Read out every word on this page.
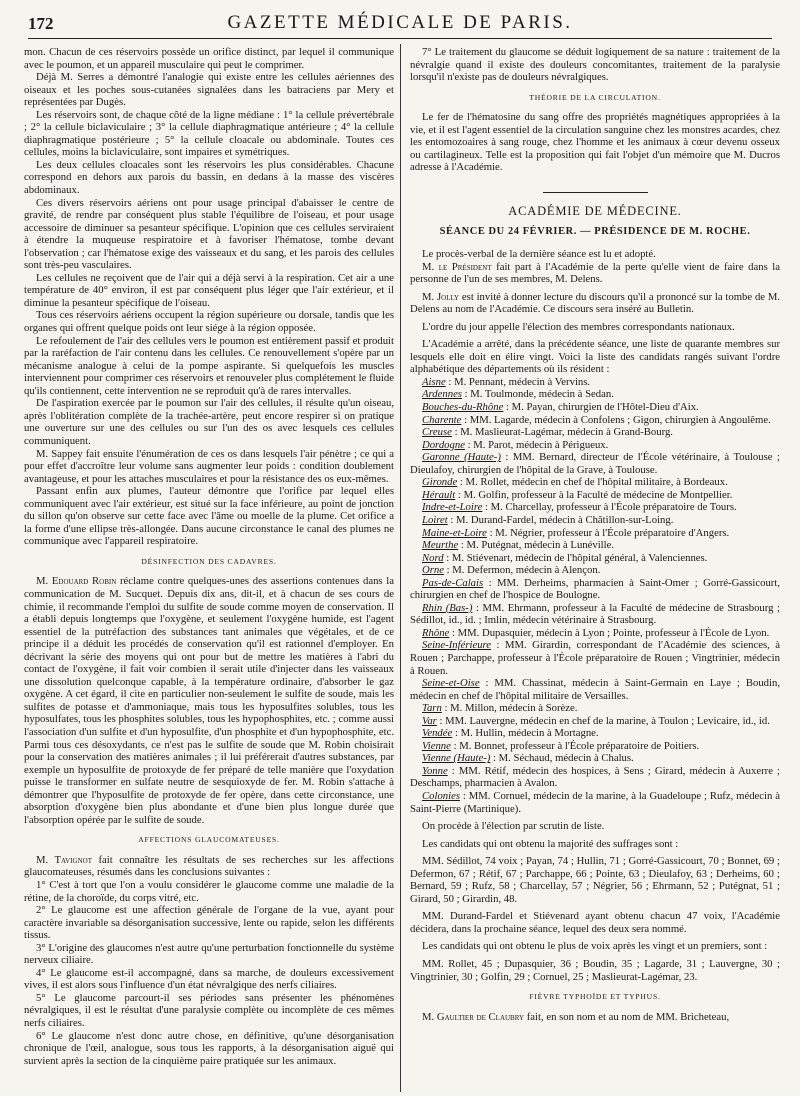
172	GAZETTE MÉDICALE DE PARIS.

mon. Chacun de ces réservoirs possède un orifice distinct, par lequel il communique avec le poumon, et un appareil musculaire qui peut le comprimer.

Déjà M. Serres a démontré l'analogie qui existe entre les cellules aériennes des oiseaux et les poches sous-cutanées signalées dans les batraciens par Mery et représentées par Dugès.

Les réservoirs sont, de chaque côté de la ligne médiane : 1° la cellule prévertébrale ; 2° la cellule biclaviculaire ; 3° la cellule diaphragmatique antérieure ; 4° la cellule diaphragmatique postérieure ; 5° la cellule cloacale ou abdominale. Toutes ces cellules, moins la biclaviculaire, sont impaires et symétriques.

Les deux cellules cloacales sont les réservoirs les plus considérables. Chacune correspond en dehors aux parois du bassin, en dedans à la masse des viscères abdominaux.

Ces divers réservoirs aériens ont pour usage principal d'abaisser le centre de gravité, de rendre par conséquent plus stable l'équilibre de l'oiseau, et pour usage accessoire de diminuer sa pesanteur spécifique. L'opinion que ces cellules serviraient à étendre la muqueuse respiratoire et à favoriser l'hématose, tombe devant l'observation ; car l'hématose exige des vaisseaux et du sang, et les parois des cellules sont très-peu vasculaires.

Les cellules ne reçoivent que de l'air qui a déjà servi à la respiration. Cet air a une température de 40° environ, il est par conséquent plus léger que l'air extérieur, et il diminue la pesanteur spécifique de l'oiseau.

Tous ces réservoirs aériens occupent la région supérieure ou dorsale, tandis que les organes qui offrent quelque poids ont leur siége à la région opposée.

Le refoulement de l'air des cellules vers le poumon est entièrement passif et produit par la raréfaction de l'air contenu dans les cellules. Ce renouvellement s'opère par un mécanisme analogue à celui de la pompe aspirante. Si quelquefois les muscles interviennent pour comprimer ces réservoirs et renouveler plus complétement le fluide qu'ils contiennent, cette intervention ne se reproduit qu'à de rares intervalles.

De l'aspiration exercée par le poumon sur l'air des cellules, il résulte qu'un oiseau, après l'oblitération complète de la trachée-artère, peut encore respirer si on pratique une ouverture sur une des cellules ou sur l'un des os avec lesquels ces cellules communiquent.

M. Sappey fait ensuite l'énumération de ces os dans lesquels l'air pénètre ; ce qui a pour effet d'accroître leur volume sans augmenter leur poids : condition doublement avantageuse, et pour les attaches musculaires et pour la résistance des os eux-mêmes.

Passant enfin aux plumes, l'auteur démontre que l'orifice par lequel elles communiquent avec l'air extérieur, est situé sur la face inférieure, au point de jonction du sillon qu'on observe sur cette face avec l'âme ou moelle de la plume. Cet orifice a la forme d'une ellipse très-allongée. Dans aucune circonstance le canal des plumes ne communique avec l'appareil respiratoire.

DÉSINFECTION DES CADAVRES.

M. Edouard Robin réclame contre quelques-unes des assertions contenues dans la communication de M. Sucquet. Depuis dix ans, dit-il, et à chacun de ses cours de chimie, il recommande l'emploi du sulfite de soude comme moyen de conservation. Il a établi depuis longtemps que l'oxygène, et seulement l'oxygène humide, est l'agent essentiel de la putréfaction des substances tant animales que végétales, et de ce principe il a déduit les procédés de conservation qu'il est rationnel d'employer. En décrivant la série des moyens qui ont pour but de mettre les matières à l'abri du contact de l'oxygène, il fait voir combien il serait utile d'injecter dans les vaisseaux une dissolution quelconque capable, à la température ordinaire, d'absorber le gaz oxygène. A cet égard, il cite en particulier non-seulement le sulfite de soude, mais les sulfites de potasse et d'ammoniaque, mais tous les hyposulfites solubles, tous les hyposulfates, tous les phosphites solubles, tous les hypophosphites, etc. ; comme aussi l'association d'un sulfite et d'un hyposulfite, d'un phosphite et d'un hypophosphite, etc. Parmi tous ces désoxydants, ce n'est pas le sulfite de soude que M. Robin choisirait pour la conservation des matières animales ; il lui préférerait d'autres substances, par exemple un hyposulfite de protoxyde de fer préparé de telle manière que l'oxydation puisse le transformer en sulfate neutre de sesquioxyde de fer. M. Robin s'attache à démontrer que l'hyposulfite de protoxyde de fer opère, dans cette circonstance, une absorption d'oxygène bien plus abondante et d'une bien plus longue durée que l'absorption opérée par le sulfite de soude.

AFFECTIONS GLAUCOMATEUSES.

M. Tavignot fait connaître les résultats de ses recherches sur les affections glaucomateuses, résumés dans les conclusions suivantes :

1° C'est à tort que l'on a voulu considérer le glaucome comme une maladie de la rétine, de la choroïde, du corps vitré, etc.

2° Le glaucome est une affection générale de l'organe de la vue, ayant pour caractère invariable sa désorganisation successive, lente ou rapide, selon les différents tissus.

3° L'origine des glaucomes n'est autre qu'une perturbation fonctionnelle du système nerveux ciliaire.

4° Le glaucome est-il accompagné, dans sa marche, de douleurs excessivement vives, il est alors sous l'influence d'un état névralgique des nerfs ciliaires.

5° Le glaucome parcourt-il ses périodes sans présenter les phénomènes névralgiques, il est le résultat d'une paralysie complète ou incomplète de ces mêmes nerfs ciliaires.

6° Le glaucome n'est donc autre chose, en définitive, qu'une désorganisation chronique de l'œil, analogue, sous tous les rapports, à la désorganisation aiguë qui survient après la section de la cinquième paire pratiquée sur les animaux.

7° Le traitement du glaucome se déduit logiquement de sa nature : traitement de la névralgie quand il existe des douleurs concomitantes, traitement de la paralysie lorsqu'il n'existe pas de douleurs névralgiques.

THÉORIE DE LA CIRCULATION.

Le fer de l'hématosine du sang offre des propriétés magnétiques appropriées à la vie, et il est l'agent essentiel de la circulation sanguine chez les monstres acardes, chez les entomozoaires à sang rouge, chez l'homme et les animaux à cœur devenu osseux ou cartilagineux. Telle est la proposition qui fait l'objet d'un mémoire que M. Ducros adresse à l'Académie.

ACADÉMIE DE MÉDECINE.
SÉANCE DU 24 FÉVRIER. — PRÉSIDENCE DE M. ROCHE.

Le procès-verbal de la dernière séance est lu et adopté.

M. le Président fait part à l'Académie de la perte qu'elle vient de faire dans la personne de l'un de ses membres, M. Delens.

M. Jolly est invité à donner lecture du discours qu'il a prononcé sur la tombe de M. Delens au nom de l'Académie. Ce discours sera inséré au Bulletin.

L'ordre du jour appelle l'élection des membres correspondants nationaux.

L'Académie a arrêté, dans la précédente séance, une liste de quarante membres sur lesquels elle doit en élire vingt. Voici la liste des candidats rangés suivant l'ordre alphabétique des départements où ils résident :

Aisne : M. Pennant, médecin à Vervins.

Ardennes : M. Toulmonde, médecin à Sedan.

Bouches-du-Rhône : M. Payan, chirurgien de l'Hôtel-Dieu d'Aix.

Charente : MM. Lagarde, médecin à Confolens ; Gigon, chirurgien à Angoulême.

Creuse : M. Maslieurat-Lagémar, médecin à Grand-Bourg.

Dordogne : M. Parot, médecin à Périgueux.

Garonne (Haute-) : MM. Bernard, directeur de l'École vétérinaire, à Toulouse ; Dieulafoy, chirurgien de l'hôpital de la Grave, à Toulouse.

Gironde : M. Rollet, médecin en chef de l'hôpital militaire, à Bordeaux.

Hérault : M. Golfin, professeur à la Faculté de médecine de Montpellier.

Indre-et-Loire : M. Charcellay, professeur à l'École préparatoire de Tours.

Loiret : M. Durand-Fardel, médecin à Châtillon-sur-Loing.

Maine-et-Loire : M. Négrier, professeur à l'École préparatoire d'Angers.

Meurthe : M. Putégnat, médecin à Lunéville.

Nord : M. Stiévenart, médecin de l'hôpital général, à Valenciennes.

Orne : M. Defermon, médecin à Alençon.

Pas-de-Calais : MM. Derheims, pharmacien à Saint-Omer ; Gorré-Gassicourt, chirurgien en chef de l'hospice de Boulogne.

Rhin (Bas-) : MM. Ehrmann, professeur à la Faculté de médecine de Strasbourg ; Sédillot, id., id. ; Imlin, médecin vétérinaire à Strasbourg.

Rhône : MM. Dupasquier, médecin à Lyon ; Pointe, professeur à l'École de Lyon.

Seine-Inférieure : MM. Girardin, correspondant de l'Académie des sciences, à Rouen ; Parchappe, professeur à l'École préparatoire de Rouen ; Vingtrinier, médecin à Rouen.

Seine-et-Oise : MM. Chassinat, médecin à Saint-Germain en Laye ; Boudin, médecin en chef de l'hôpital militaire de Versailles.

Tarn : M. Millon, médecin à Sorèze.

Var : MM. Lauvergne, médecin en chef de la marine, à Toulon ; Levicaire, id., id.

Vendée : M. Hullin, médecin à Mortagne.

Vienne : M. Bonnet, professeur à l'École préparatoire de Poitiers.

Vienne (Haute-) : M. Séchaud, médecin à Chalus.

Yonne : MM. Rétif, médecin des hospices, à Sens ; Girard, médecin à Auxerre ; Deschamps, pharmacien à Avalon.

Colonies : MM. Cornuel, médecin de la marine, à la Guadeloupe ; Rufz, médecin à Saint-Pierre (Martinique).

On procède à l'élection par scrutin de liste.

Les candidats qui ont obtenu la majorité des suffrages sont :

MM. Sédillot, 74 voix ; Payan, 74 ; Hullin, 71 ; Gorré-Gassicourt, 70 ; Bonnet, 69 ; Defermon, 67 ; Rétif, 67 ; Parchappe, 66 ; Pointe, 63 ; Dieulafoy, 63 ; Derheims, 60 ; Bernard, 59 ; Rufz, 58 ; Charcellay, 57 ; Négrier, 56 ; Ehrmann, 52 ; Putégnat, 51 ; Girard, 50 ; Girardin, 48.

MM. Durand-Fardel et Stiévenard ayant obtenu chacun 47 voix, l'Académie décidera, dans la prochaine séance, lequel des deux sera nommé.

Les candidats qui ont obtenu le plus de voix après les vingt et un premiers, sont :

MM. Rollet, 45 ; Dupasquier, 36 ; Boudin, 35 ; Lagarde, 31 ; Lauvergne, 30 ; Vingtrinier, 30 ; Golfin, 29 ; Cornuel, 25 ; Maslieurat-Lagémar, 23.

FIÈVRE TYPHOÏDE ET TYPHUS.

M. Gaultier de Claubry fait, en son nom et au nom de MM. Bricheteau,
